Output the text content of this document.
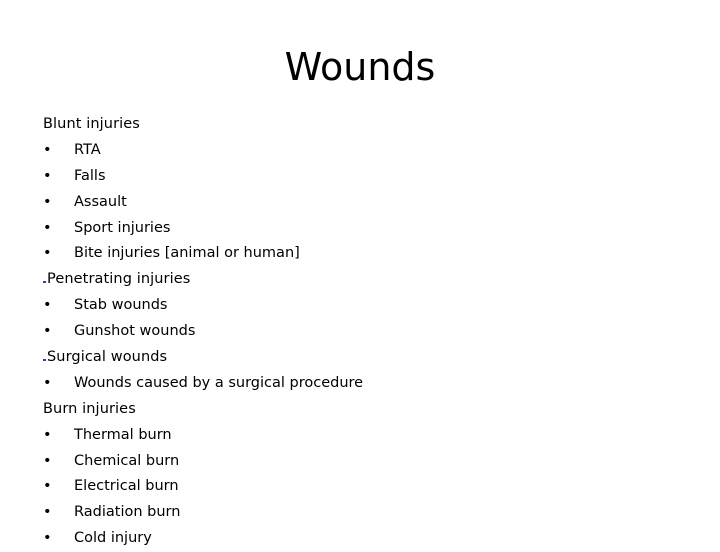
Wounds
Blunt injuries
• RTA
• Falls
• Assault
• Sport injuries
• Bite injuries [animal or human]
Penetrating injuries
• Stab wounds
• Gunshot wounds
Surgical wounds
• Wounds caused by a surgical procedure
Burn injuries
• Thermal burn
• Chemical burn
• Electrical burn
• Radiation burn
• Cold injury
